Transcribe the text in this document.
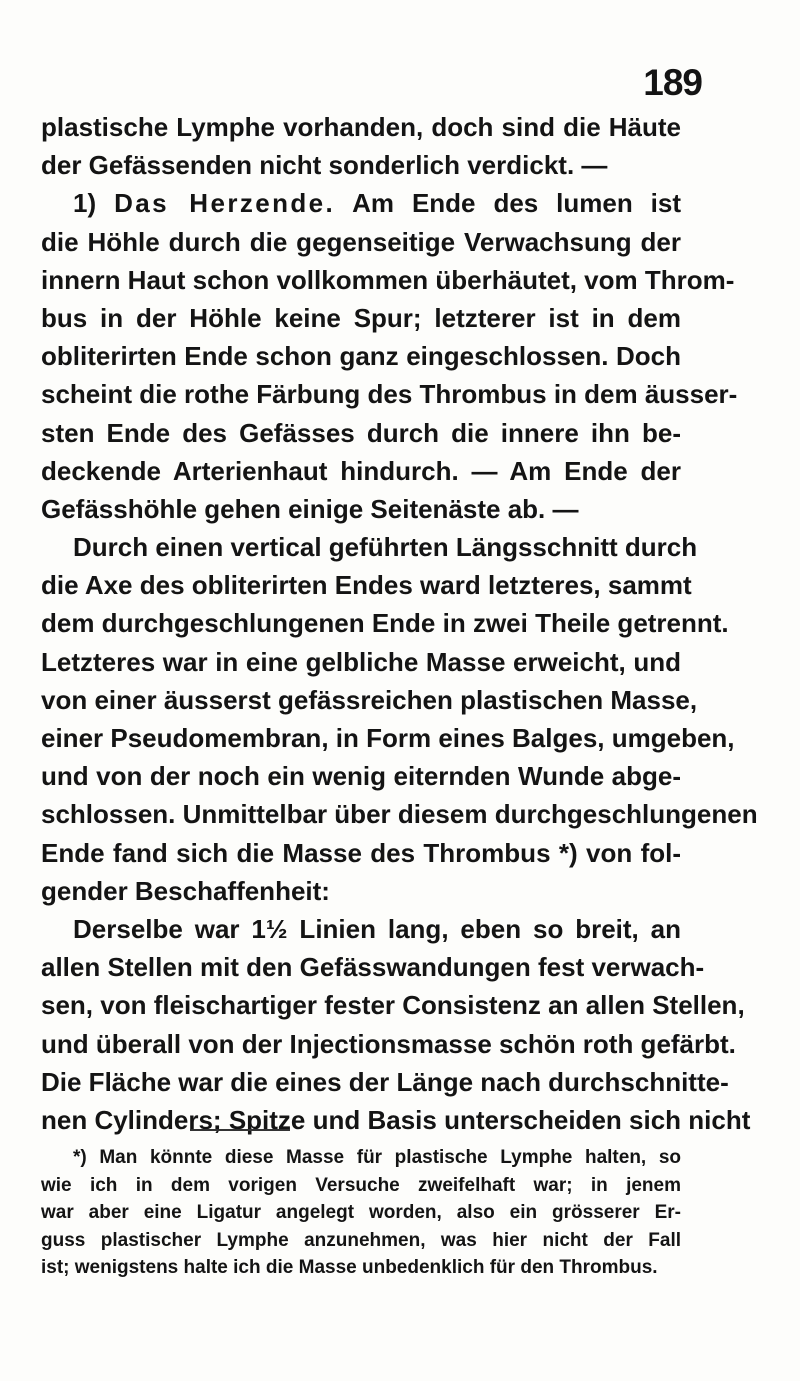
189
plastische Lymphe vorhanden, doch sind die Häute
der Gefässenden nicht sonderlich verdickt. —
1) Das Herzende. Am Ende des lumen ist
die Höhle durch die gegenseitige Verwachsung der
innern Haut schon vollkommen überhäutet, vom Throm-
bus in der Höhle keine Spur; letzterer ist in dem
obliterirten Ende schon ganz eingeschlossen. Doch
scheint die rothe Färbung des Thrombus in dem äusser-
sten Ende des Gefässes durch die innere ihn be-
deckende Arterienhaut hindurch. — Am Ende der
Gefässhöhle gehen einige Seitenäste ab. —
Durch einen vertical geführten Längsschnitt durch
die Axe des obliterirten Endes ward letzteres, sammt
dem durchgeschlungenen Ende in zwei Theile getrennt.
Letzteres war in eine gelbliche Masse erweicht, und
von einer äusserst gefässreichen plastischen Masse,
einer Pseudomembran, in Form eines Balges, umgeben,
und von der noch ein wenig eiternden Wunde abge-
schlossen. Unmittelbar über diesem durchgeschlungenen
Ende fand sich die Masse des Thrombus *) von fol-
gender Beschaffenheit:
Derselbe war 1½ Linien lang, eben so breit, an
allen Stellen mit den Gefässwandungen fest verwach-
sen, von fleischartiger fester Consistenz an allen Stellen,
und überall von der Injectionsmasse schön roth gefärbt.
Die Fläche war die eines der Länge nach durchschnitte-
nen Cylinders; Spitze und Basis unterscheiden sich nicht
*) Man könnte diese Masse für plastische Lymphe halten, so
wie ich in dem vorigen Versuche zweifelhaft war; in jenem
war aber eine Ligatur angelegt worden, also ein grösserer Er-
guss plastischer Lymphe anzunehmen, was hier nicht der Fall
ist; wenigstens halte ich die Masse unbedenklich für den Thrombus.
